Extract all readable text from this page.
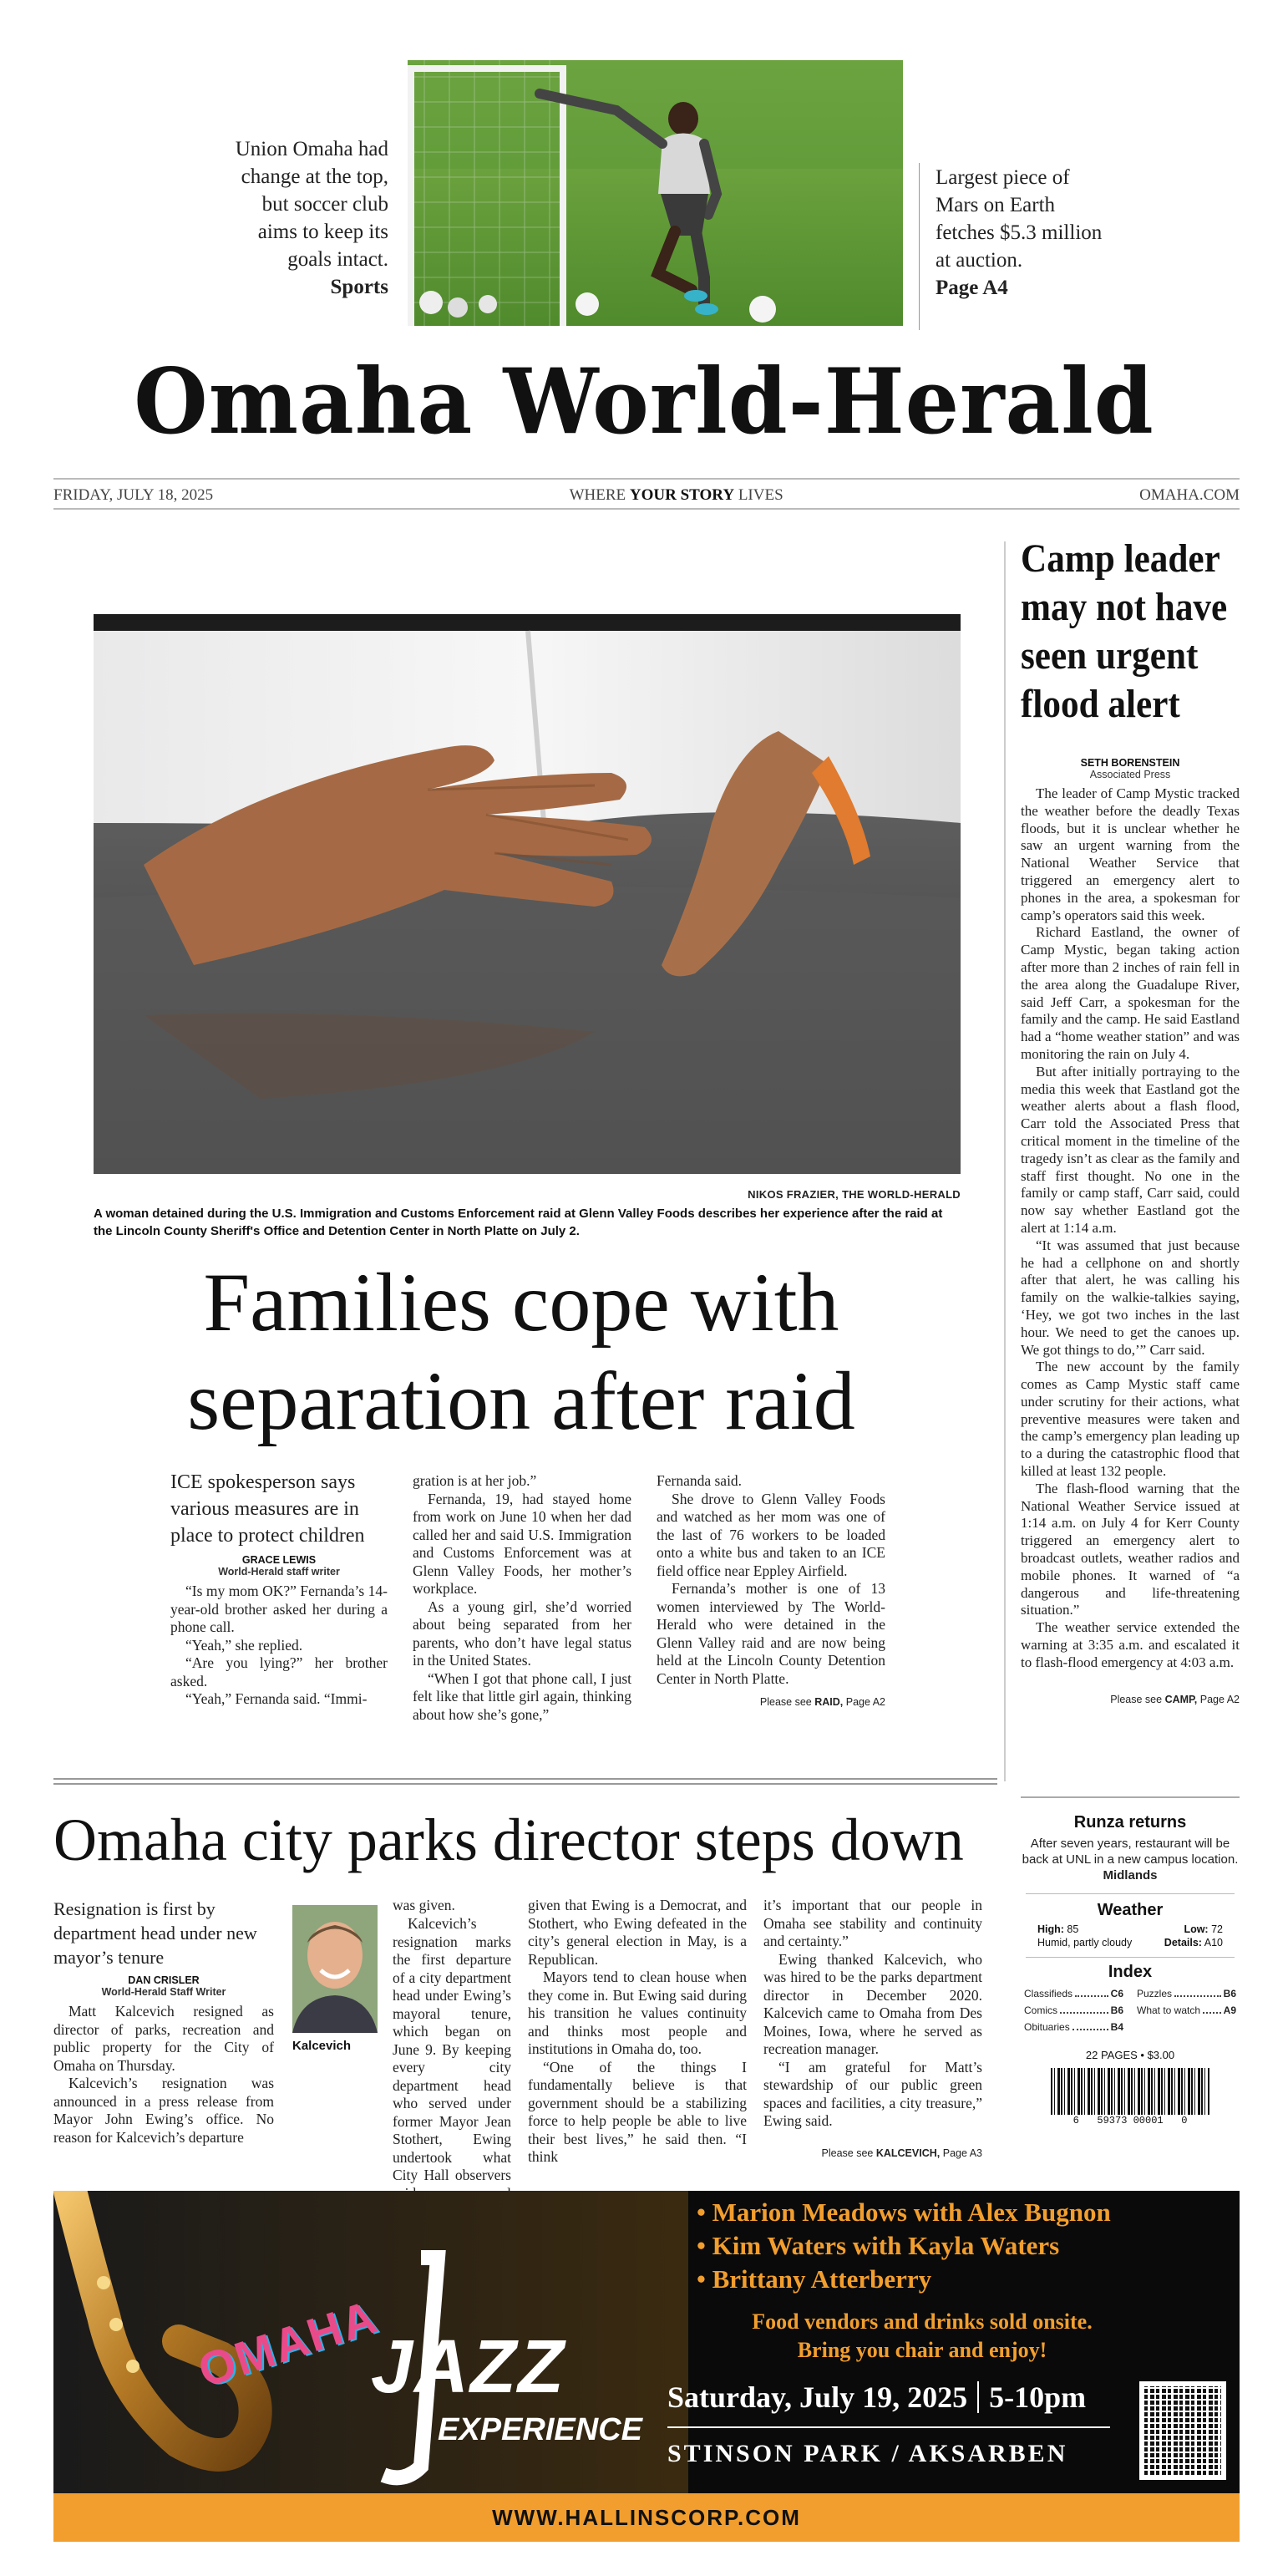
Union Omaha had change at the top, but soccer club aims to keep its goals intact.
Sports
Largest piece of Mars on Earth fetches $5.3 million at auction.
Page A4
Omaha World-Herald
FRIDAY, JULY 18, 2025	WHERE YOUR STORY LIVES	OMAHA.COM
NIKOS FRAZIER, THE WORLD-HERALD
A woman detained during the U.S. Immigration and Customs Enforcement raid at Glenn Valley Foods describes her experience after the raid at the Lincoln County Sheriff's Office and Detention Center in North Platte on July 2.
Families cope with separation after raid
ICE spokesperson says various measures are in place to protect children
GRACE LEWIS
World-Herald staff writer

“Is my mom OK?” Fernanda’s 14-year-old brother asked her during a phone call.

“Yeah,” she replied.

“Are you lying?” her brother asked.

“Yeah,” Fernanda said. “Immi-

gration is at her job.”

Fernanda, 19, had stayed home from work on June 10 when her dad called her and said U.S. Immigration and Customs Enforcement was at Glenn Valley Foods, her mother’s workplace.

As a young girl, she’d worried about being separated from her parents, who don’t have legal status in the United States.

“When I got that phone call, I just felt like that little girl again, thinking about how she’s gone,”

Fernanda said.

She drove to Glenn Valley Foods and watched as her mom was one of the last of 76 workers to be loaded onto a white bus and taken to an ICE field office near Eppley Airfield.

Fernanda’s mother is one of 13 women interviewed by The World-Herald who were detained in the Glenn Valley raid and are now being held at the Lincoln County Detention Center in North Platte.

Please see RAID, Page A2
Camp leader may not have seen urgent flood alert
SETH BORENSTEIN
Associated Press

The leader of Camp Mystic tracked the weather before the deadly Texas floods, but it is unclear whether he saw an urgent warning from the National Weather Service that triggered an emergency alert to phones in the area, a spokesman for camp’s operators said this week.

Richard Eastland, the owner of Camp Mystic, began taking action after more than 2 inches of rain fell in the area along the Guadalupe River, said Jeff Carr, a spokesman for the family and the camp. He said Eastland had a “home weather station” and was monitoring the rain on July 4.

But after initially portraying to the media this week that Eastland got the weather alerts about a flash flood, Carr told the Associated Press that critical moment in the timeline of the tragedy isn’t as clear as the family and staff first thought. No one in the family or camp staff, Carr said, could now say whether Eastland got the alert at 1:14 a.m.

“It was assumed that just because he had a cellphone on and shortly after that alert, he was calling his family on the walkie-talkies saying, ‘Hey, we got two inches in the last hour. We need to get the canoes up. We got things to do,’” Carr said.

The new account by the family comes as Camp Mystic staff came under scrutiny for their actions, what preventive measures were taken and the camp’s emergency plan leading up to a during the catastrophic flood that killed at least 132 people.

The flash-flood warning that the National Weather Service issued at 1:14 a.m. on July 4 for Kerr County triggered an emergency alert to broadcast outlets, weather radios and mobile phones. It warned of “a dangerous and life-threatening situation.”

The weather service extended the warning at 3:35 a.m. and escalated it to flash-flood emergency at 4:03 a.m.

Please see CAMP, Page A2
Omaha city parks director steps down
Resignation is first by department head under new mayor’s tenure
DAN CRISLER
World-Herald Staff Writer

Matt Kalcevich resigned as director of parks, recreation and public property for the City of Omaha on Thursday.

Kalcevich’s resignation was announced in a press release from Mayor John Ewing’s office. No reason for Kalcevich’s departure

Kalcevich

was given.

Kalcevich’s resignation marks the first departure of a city department head under Ewing’s mayoral tenure, which began on June 9. By keeping every city department head who served under former Mayor Jean Stothert, Ewing undertook what City Hall observers

given that Ewing is a Democrat, and Stothert, who Ewing defeated in the city’s general election in May, is a Republican.

Mayors tend to clean house when they come in. But Ewing said during his transition he values continuity and thinks most people and institutions in Omaha do, too.

“One of the things I fundamentally believe is that government should be a stabilizing force to help people be able to live their best lives,” he said then. “I think

it’s important that our people in Omaha see stability and continuity and certainty.”

Ewing thanked Kalcevich, who was hired to be the parks department director in December 2020. Kalcevich came to Omaha from Des Moines, Iowa, where he served as recreation manager.

“I am grateful for Matt’s stewardship of our public green spaces and facilities, a city treasure,” Ewing said.

Please see KALCEVICH, Page A3
Runza returns
After seven years, restaurant will be back at UNL in a new campus location. Midlands
Weather
High: 85	Low: 72
Humid, partly cloudy	Details: A10
Index
Classifieds	C6 Puzzles	B6
Comics	B6 What to watch A9
Obituaries	B4
22 PAGES • $3.00
6   59373 00001   0
OMAHA
JAZZ
EXPERIENCE
• Marion Meadows with Alex Bugnon
• Kim Waters with Kayla Waters
• Brittany Atterberry
Food vendors and drinks sold onsite.
Bring you chair and enjoy!
Saturday, July 19, 2025 5-10pm
STINSON PARK / AKSARBEN
WWW.HALLINSCORP.COM
